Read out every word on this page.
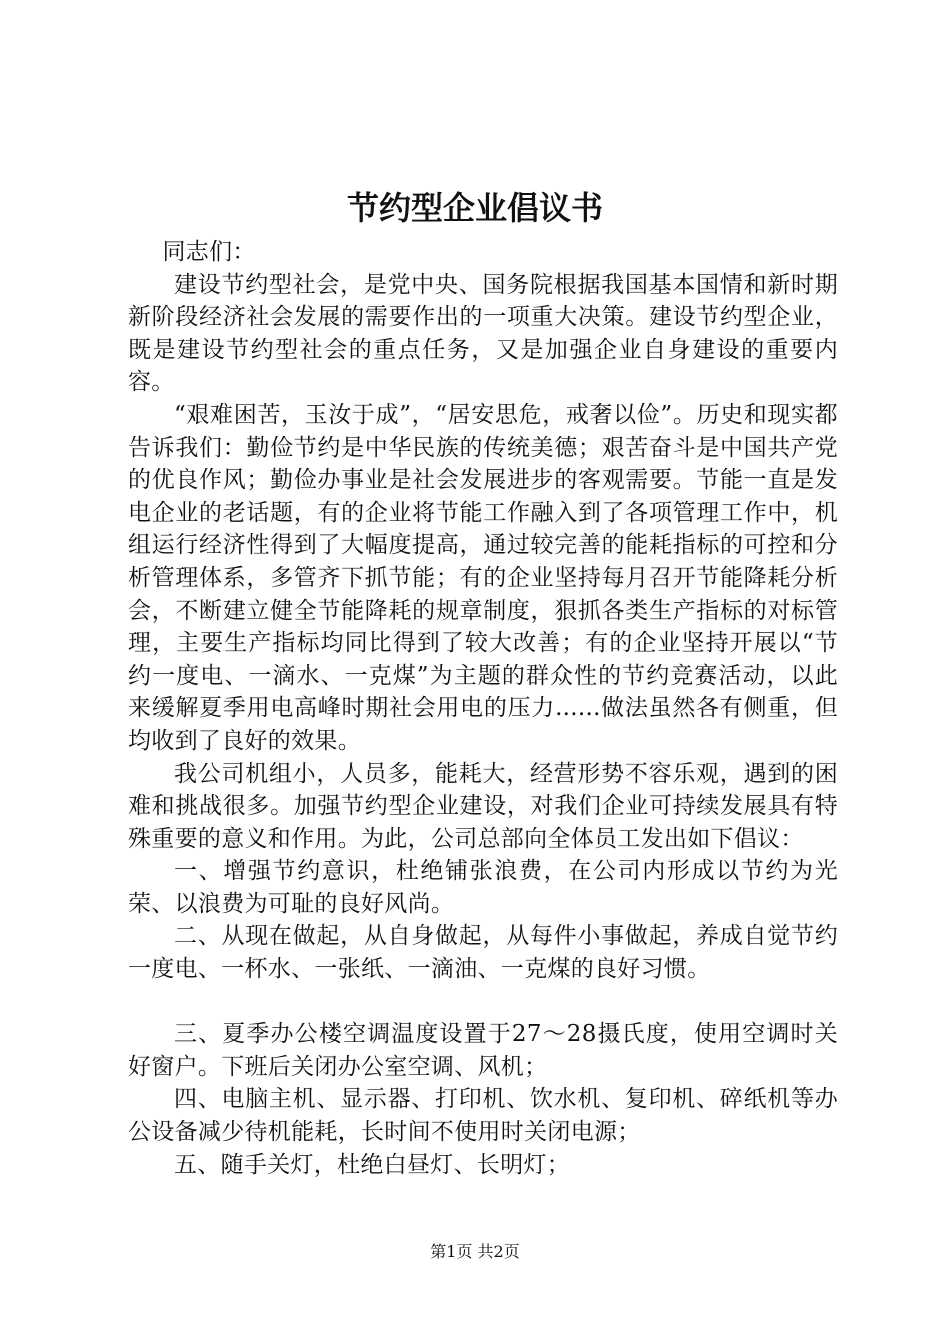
节约型企业倡议书

同志们：

建设节约型社会，是党中央、国务院根据我国基本国情和新时期新阶段经济社会发展的需要作出的一项重大决策。建设节约型企业，既是建设节约型社会的重点任务，又是加强企业自身建设的重要内容。

“艰难困苦，玉汝于成”，“居安思危，戒奢以俭”。历史和现实都告诉我们：勤俭节约是中华民族的传统美德；艰苦奋斗是中国共产党的优良作风；勤俭办事业是社会发展进步的客观需要。节能一直是发电企业的老话题，有的企业将节能工作融入到了各项管理工作中，机组运行经济性得到了大幅度提高，通过较完善的能耗指标的可控和分析管理体系，多管齐下抓节能；有的企业坚持每月召开节能降耗分析会，不断建立健全节能降耗的规章制度，狠抓各类生产指标的对标管理，主要生产指标均同比得到了较大改善；有的企业坚持开展以“节约一度电、一滴水、一克煤”为主题的群众性的节约竞赛活动，以此来缓解夏季用电高峰时期社会用电的压力......做法虽然各有侧重，但均收到了良好的效果。

我公司机组小，人员多，能耗大，经营形势不容乐观，遇到的困难和挑战很多。加强节约型企业建设，对我们企业可持续发展具有特殊重要的意义和作用。为此，公司总部向全体员工发出如下倡议：

一、增强节约意识，杜绝铺张浪费，在公司内形成以节约为光荣、以浪费为可耻的良好风尚。

二、从现在做起，从自身做起，从每件小事做起，养成自觉节约一度电、一杯水、一张纸、一滴油、一克煤的良好习惯。

三、夏季办公楼空调温度设置于27～28摄氏度，使用空调时关好窗户。下班后关闭办公室空调、风机；

四、电脑主机、显示器、打印机、饮水机、复印机、碎纸机等办公设备减少待机能耗，长时间不使用时关闭电源；

五、随手关灯，杜绝白昼灯、长明灯；

第1页 共2页
